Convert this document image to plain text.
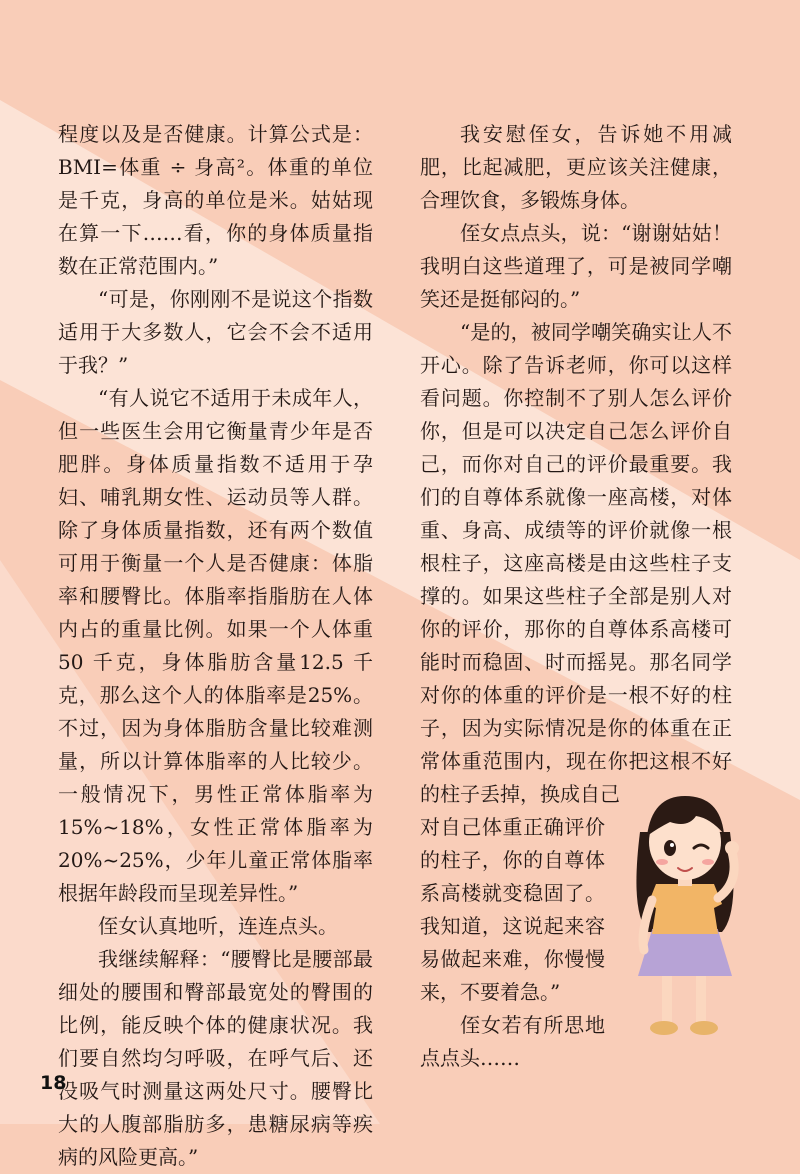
程度以及是否健康。计算公式是：BMI=体重 ÷ 身高²。体重的单位是千克，身高的单位是米。姑姑现在算一下……看，你的身体质量指数在正常范围内。”

“可是，你刚刚不是说这个指数适用于大多数人，它会不会不适用于我？”

“有人说它不适用于未成年人，但一些医生会用它衡量青少年是否肥胖。身体质量指数不适用于孕妇、哺乳期女性、运动员等人群。除了身体质量指数，还有两个数值可用于衡量一个人是否健康：体脂率和腰臀比。体脂率指脂肪在人体内占的重量比例。如果一个人体重50 千克，身体脂肪含量12.5 千克，那么这个人的体脂率是25%。不过，因为身体脂肪含量比较难测量，所以计算体脂率的人比较少。一般情况下，男性正常体脂率为15%~18%，女性正常体脂率为20%~25%，少年儿童正常体脂率根据年龄段而呈现差异性。”

侄女认真地听，连连点头。

我继续解释：“腰臀比是腰部最细处的腰围和臀部最宽处的臀围的比例，能反映个体的健康状况。我们要自然均匀呼吸，在呼气后、还没吸气时测量这两处尺寸。腰臀比大的人腹部脂肪多，患糖尿病等疾病的风险更高。”

我安慰侄女，告诉她不用减肥，比起减肥，更应该关注健康，合理饮食，多锻炼身体。

侄女点点头，说：“谢谢姑姑！我明白这些道理了，可是被同学嘲笑还是挺郁闷的。”

“是的，被同学嘲笑确实让人不开心。除了告诉老师，你可以这样看问题。你控制不了别人怎么评价你，但是可以决定自己怎么评价自己，而你对自己的评价最重要。我们的自尊体系就像一座高楼，对体重、身高、成绩等的评价就像一根根柱子，这座高楼是由这些柱子支撑的。如果这些柱子全部是别人对你的评价，那你的自尊体系高楼可能时而稳固、时而摇晃。那名同学对你的体重的评价是一根不好的柱子，因为实际情况是你的体重在正常体重范围内，现在你把这根不好的柱子丢掉，换成自己

对自己体重正确评价的柱子，你的自尊体系高楼就变稳固了。我知道，这说起来容易做起来难，你慢慢来，不要着急。”

侄女若有所思地点点头……

18
